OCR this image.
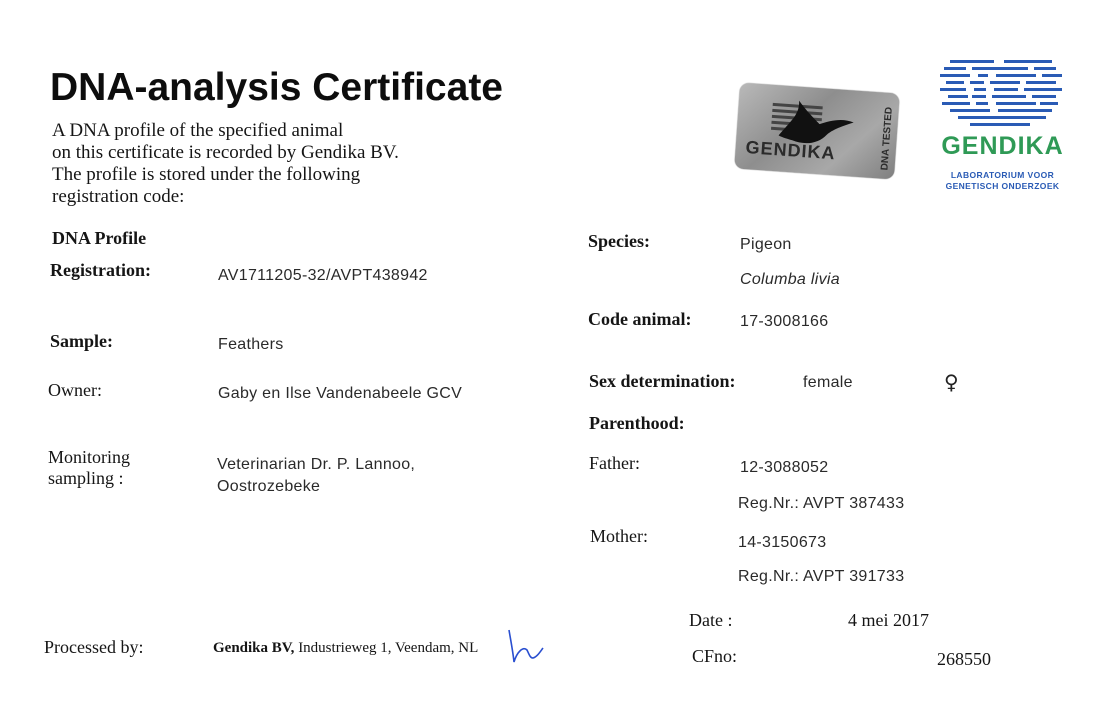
DNA-analysis Certificate
A DNA profile of the specified animal
on this certificate is recorded by Gendika BV.
The profile is stored under the following
registration code:
GENDIKA	DNA TESTED GENDIKA
LABORATORIUM VOOR
GENETISCH ONDERZOEK
DNA Profile
Registration:	AV1711205-32/AVPT438942
Sample:	Feathers
Owner:	Gaby en Ilse Vandenabeele GCV
Monitoring
sampling :
Veterinarian Dr. P. Lannoo,
Oostrozebeke
Species:	Pigeon
Columba livia
Code animal:	17-3008166
Sex determination:	female	♀
Parenthood:
Father:	12-3088052
Reg.Nr.: AVPT 387433
Mother:	14-3150673
Reg.Nr.: AVPT 391733
Processed by:	Gendika BV, Industrieweg 1, Veendam, NL
Date :	4 mei 2017
CFno:	268550
